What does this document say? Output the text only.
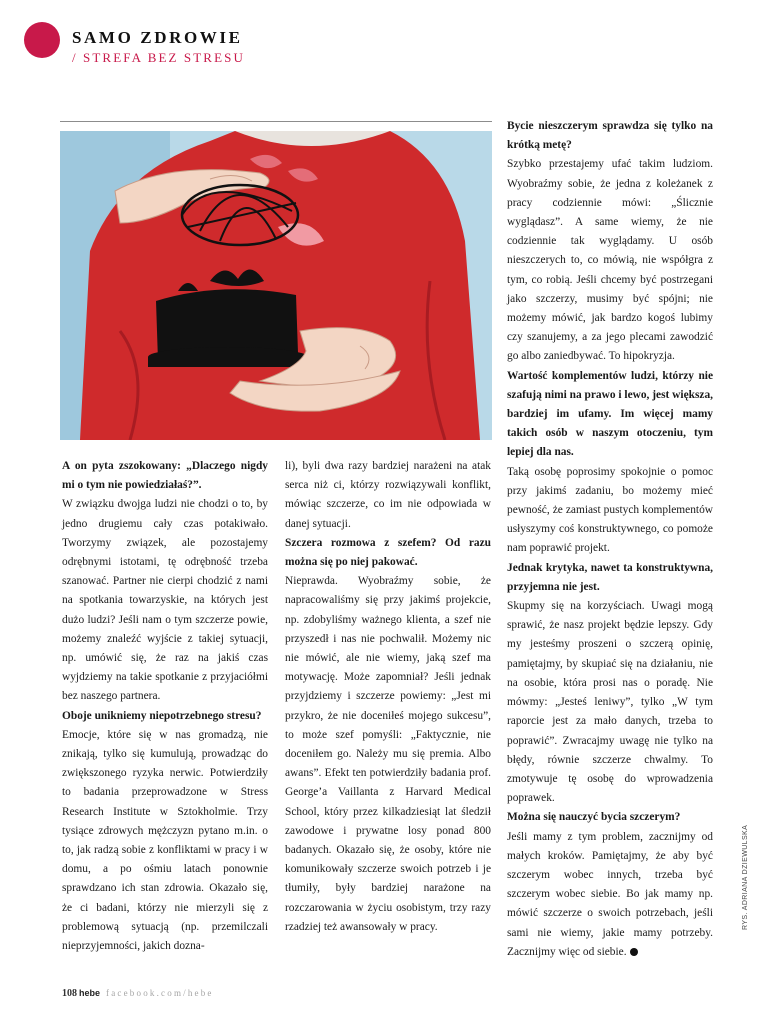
SAMO ZDROWIE
/ STREFA BEZ STRESU

A on pyta zszokowany: „Dlaczego nigdy mi o tym nie powiedziałaś?”.

W związku dwojga ludzi nie chodzi o to, by jedno drugiemu cały czas potakiwało. Tworzymy związek, ale pozostajemy odrębnymi istotami, tę odrębność trzeba szanować. Partner nie cierpi chodzić z nami na spotkania towarzyskie, na których jest dużo ludzi? Jeśli nam o tym szczerze powie, możemy znaleźć wyjście z takiej sytuacji, np. umówić się, że raz na jakiś czas wyjdziemy na takie spotkanie z przyjaciółmi bez naszego partnera.

Oboje unikniemy niepotrzebnego stresu?

Emocje, które się w nas gromadzą, nie znikają, tylko się kumulują, prowadząc do zwiększonego ryzyka nerwic. Potwierdziły to badania przeprowadzone w Stress Research Institute w Sztokholmie. Trzy tysiące zdrowych mężczyzn pytano m.in. o to, jak radzą sobie z konfliktami w pracy i w domu, a po ośmiu latach ponownie sprawdzano ich stan zdrowia. Okazało się, że ci badani, którzy nie mierzyli się z problemową sytuacją (np. przemilczali nieprzyjemności, jakich dozna-

li), byli dwa razy bardziej narażeni na atak serca niż ci, którzy rozwiązywali konflikt, mówiąc szczerze, co im nie odpowiada w danej sytuacji.

Szczera rozmowa z szefem? Od razu można się po niej pakować.

Nieprawda. Wyobraźmy sobie, że napracowaliśmy się przy jakimś projekcie, np. zdobyliśmy ważnego klienta, a szef nie przyszedł i nas nie pochwalił. Możemy nic nie mówić, ale nie wiemy, jaką szef ma motywację. Może zapomniał? Jeśli jednak przyjdziemy i szczerze powiemy: „Jest mi przykro, że nie doceniłeś mojego sukcesu”, to może szef pomyśli: „Faktycznie, nie doceniłem go. Należy mu się premia. Albo awans”. Efekt ten potwierdziły badania prof. George’a Vaillanta z Harvard Medical School, który przez kilkadziesiąt lat śledził zawodowe i prywatne losy ponad 800 badanych. Okazało się, że osoby, które nie komunikowały szczerze swoich potrzeb i je tłumiły, były bardziej narażone na rozczarowania w życiu osobistym, trzy razy rzadziej też awansowały w pracy.

Bycie nieszczerym sprawdza się tylko na krótką metę?

Szybko przestajemy ufać takim ludziom. Wyobraźmy sobie, że jedna z koleżanek z pracy codziennie mówi: „Ślicznie wyglądasz”. A same wiemy, że nie codziennie tak wyglądamy. U osób nieszczerych to, co mówią, nie współgra z tym, co robią. Jeśli chcemy być postrzegani jako szczerzy, musimy być spójni; nie możemy mówić, jak bardzo kogoś lubimy czy szanujemy, a za jego plecami zawodzić go albo zaniedbywać. To hipokryzja.

Wartość komplementów ludzi, którzy nie szafują nimi na prawo i lewo, jest większa, bardziej im ufamy. Im więcej mamy takich osób w naszym otoczeniu, tym lepiej dla nas.

Taką osobę poprosimy spokojnie o pomoc przy jakimś zadaniu, bo możemy mieć pewność, że zamiast pustych komplementów usłyszymy coś konstruktywnego, co pomoże nam poprawić projekt.

Jednak krytyka, nawet ta konstruktywna, przyjemna nie jest.

Skupmy się na korzyściach. Uwagi mogą sprawić, że nasz projekt będzie lepszy. Gdy my jesteśmy proszeni o szczerą opinię, pamiętajmy, by skupiać się na działaniu, nie na osobie, która prosi nas o poradę. Nie mówmy: „Jesteś leniwy”, tylko „W tym raporcie jest za mało danych, trzeba to poprawić”. Zwracajmy uwagę nie tylko na błędy, równie szczerze chwalmy. To zmotywuje tę osobę do wprowadzenia poprawek.

Można się nauczyć bycia szczerym?

Jeśli mamy z tym problem, zacznijmy od małych kroków. Pamiętajmy, że aby być szczerym wobec innych, trzeba być szczerym wobec siebie. Bo jak mamy np. mówić szczerze o swoich potrzebach, jeśli sami nie wiemy, jakie mamy potrzeby. Zacznijmy więc od siebie.

RYS. ADRIANA DZIEWULSKA
108 hebe facebook.com/hebe
